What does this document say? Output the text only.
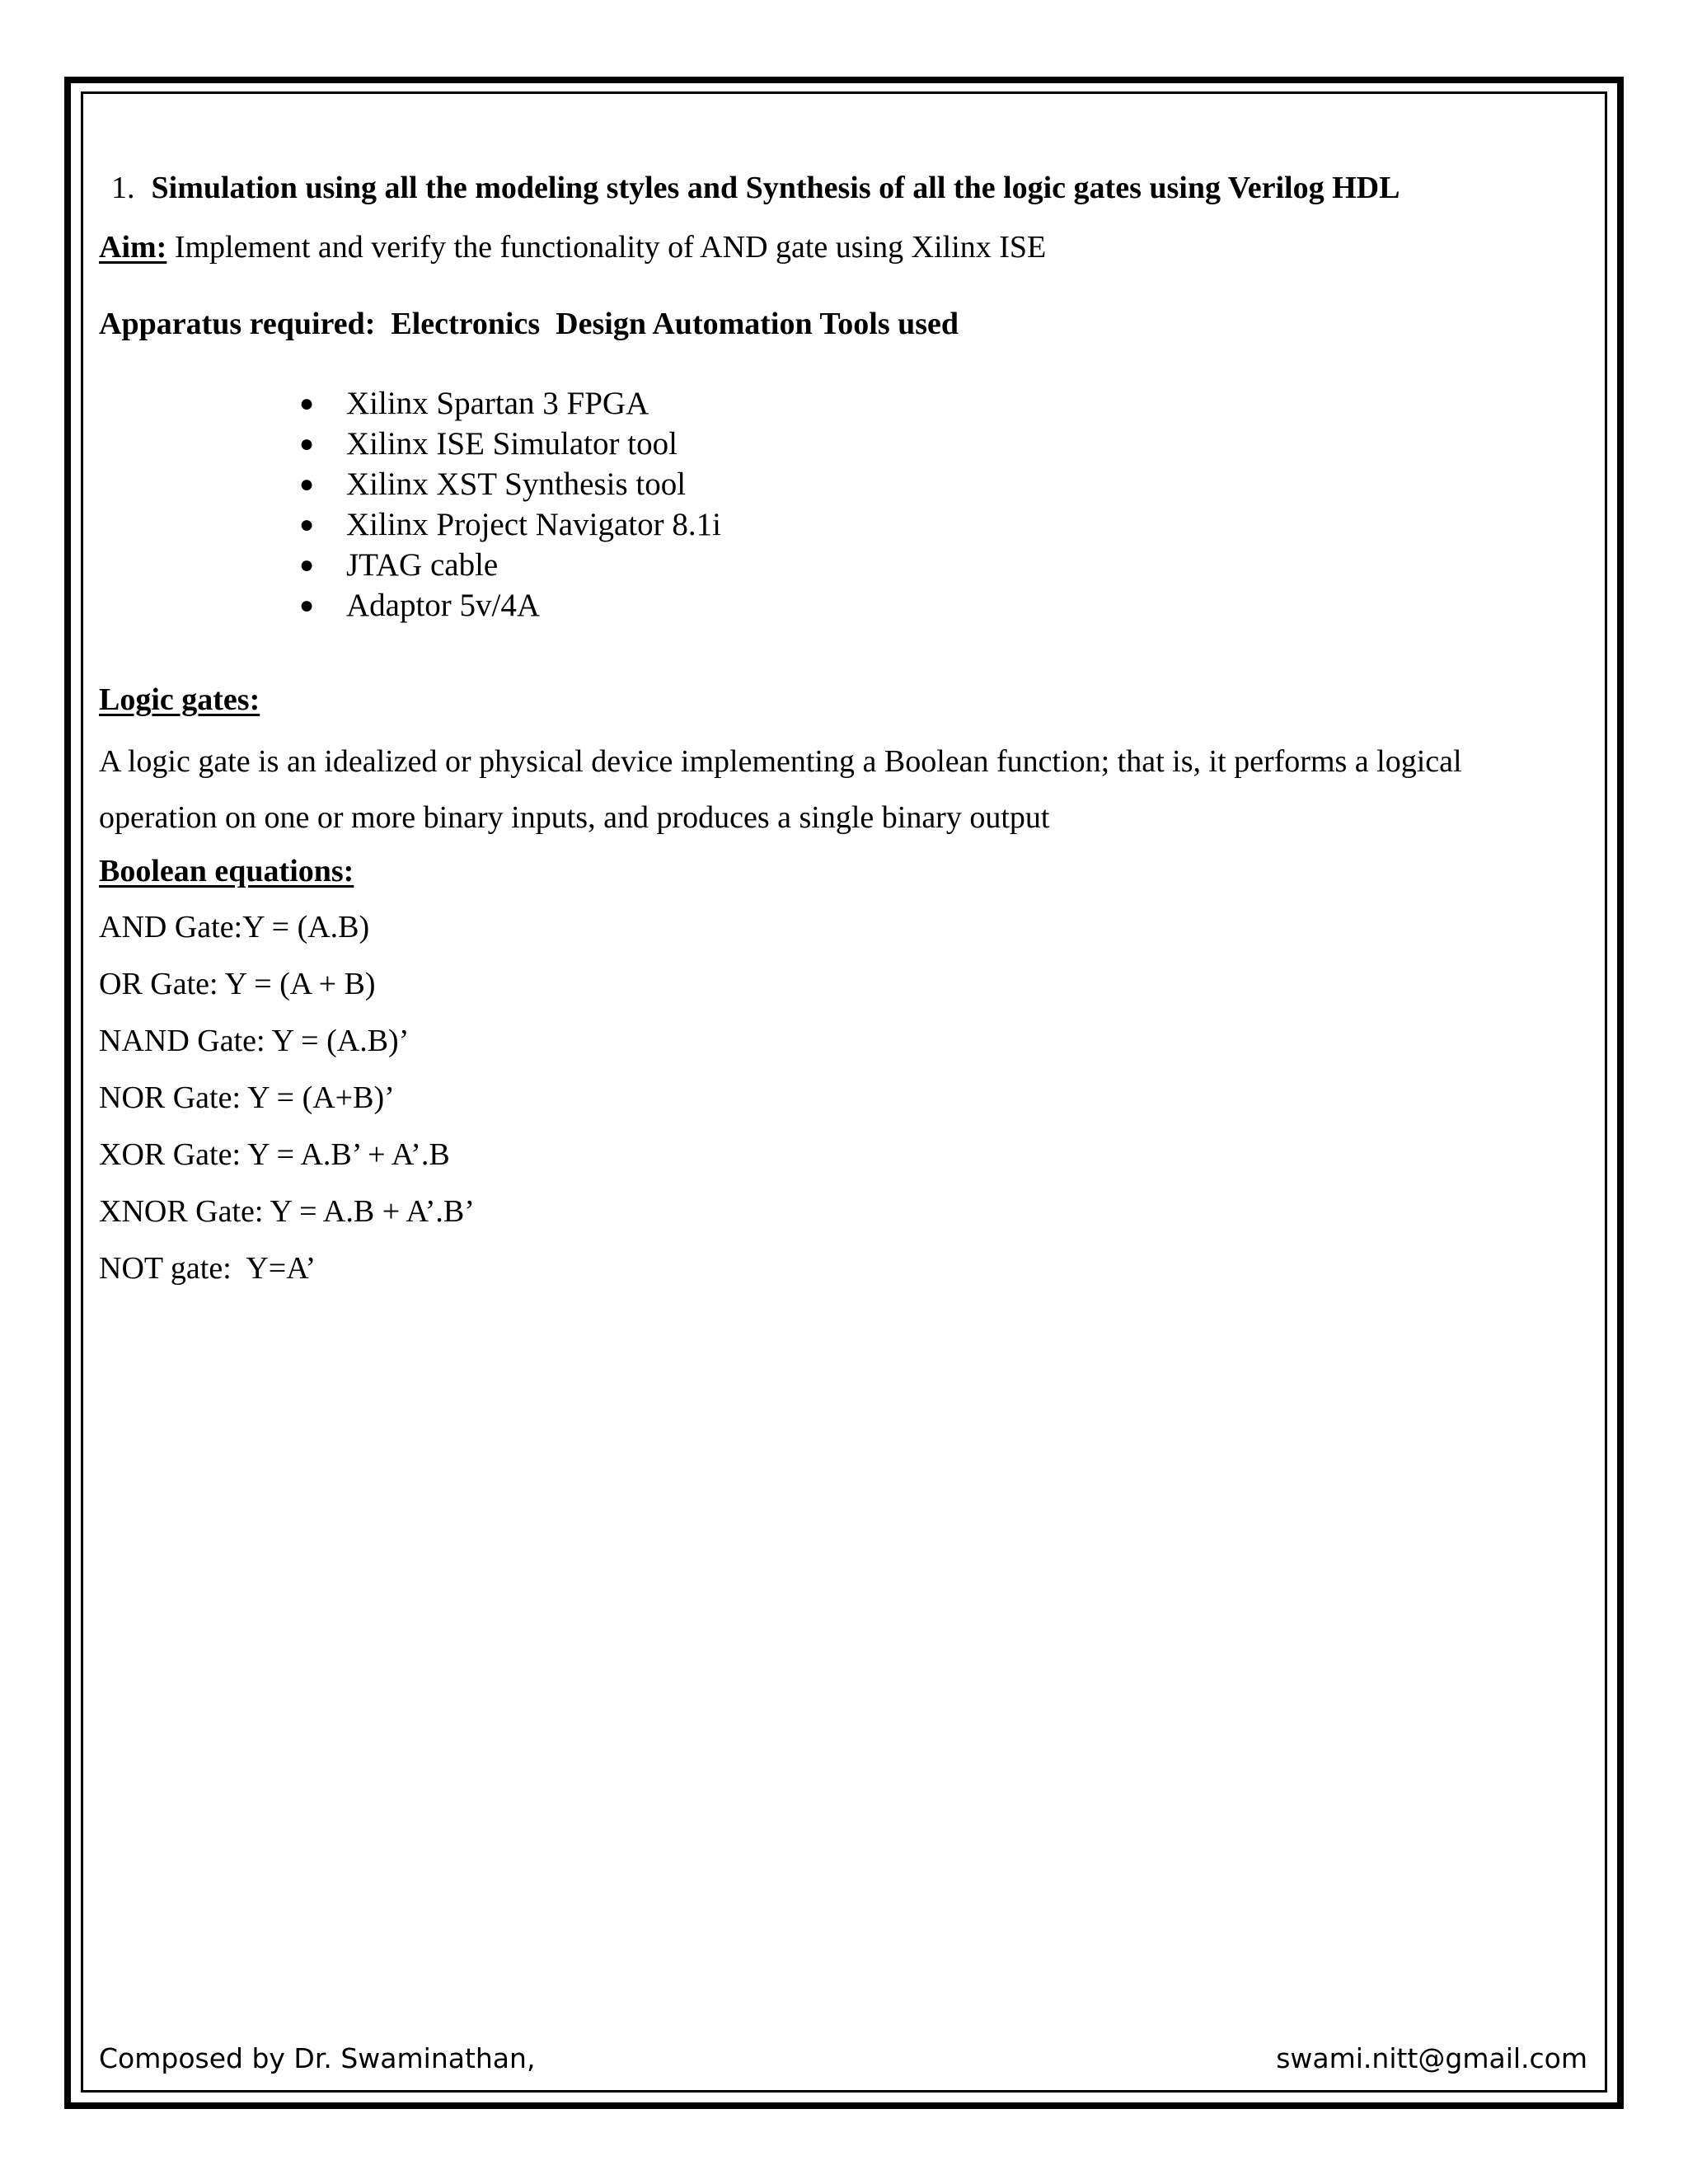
1. Simulation using all the modeling styles and Synthesis of all the logic gates using Verilog HDL
Aim: Implement and verify the functionality of AND gate using Xilinx ISE
Apparatus required:  Electronics  Design Automation Tools used
● Xilinx Spartan 3 FPGA
● Xilinx ISE Simulator tool
● Xilinx XST Synthesis tool
● Xilinx Project Navigator 8.1i
● JTAG cable
● Adaptor 5v/4A
Logic gates:
A logic gate is an idealized or physical device implementing a Boolean function; that is, it performs a logical operation on one or more binary inputs, and produces a single binary output
Boolean equations:
AND Gate:Y = (A.B)
OR Gate: Y = (A + B)
NAND Gate: Y = (A.B)’
NOR Gate: Y = (A+B)’
XOR Gate: Y = A.B’ + A’.B
XNOR Gate: Y = A.B + A’.B’
NOT gate:  Y=A’
Composed by Dr. Swaminathan,	swami.nitt@gmail.com
